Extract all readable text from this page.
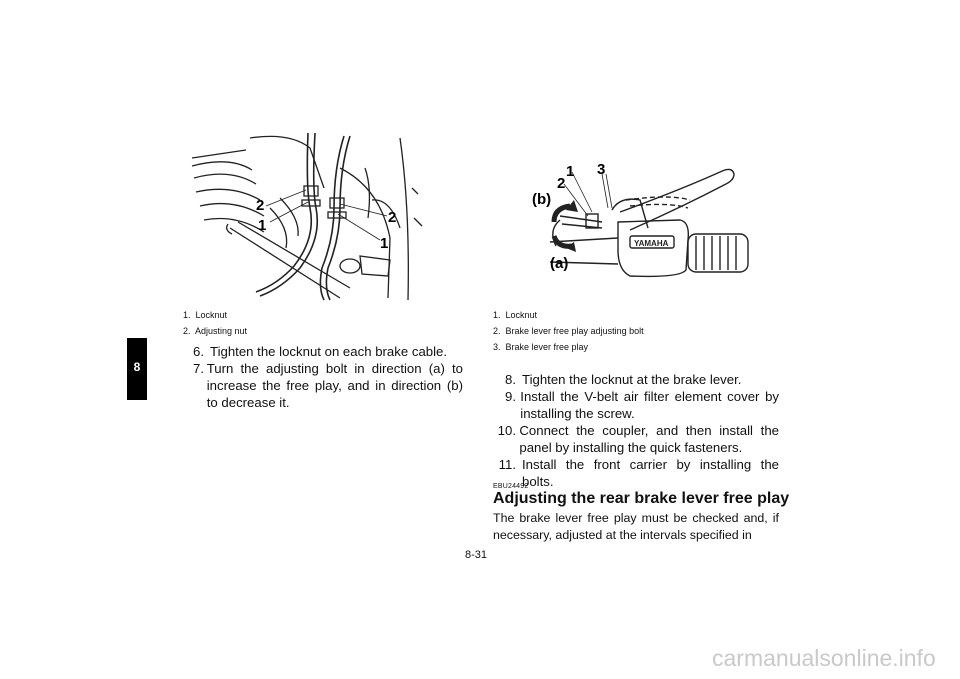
8
2
1	2
1
1. Locknut
2. Adjusting nut
6. Tighten the locknut on each brake cable.
7. Turn the adjusting bolt in direction (a) to increase the free play, and in direction (b) to decrease it.
1
2
3
(b)
(a)
YAMAHA
1. Locknut
2. Brake lever free play adjusting bolt
3. Brake lever free play
8. Tighten the locknut at the brake lever.
9. Install the V-belt air filter element cover by installing the screw.
10. Connect the coupler, and then install the panel by installing the quick fasteners.
11. Install the front carrier by installing the bolts.
EBU24492
Adjusting the rear brake lever free play
The brake lever free play must be checked and, if necessary, adjusted at the intervals specified in
8-31
carmanualsonline.info
